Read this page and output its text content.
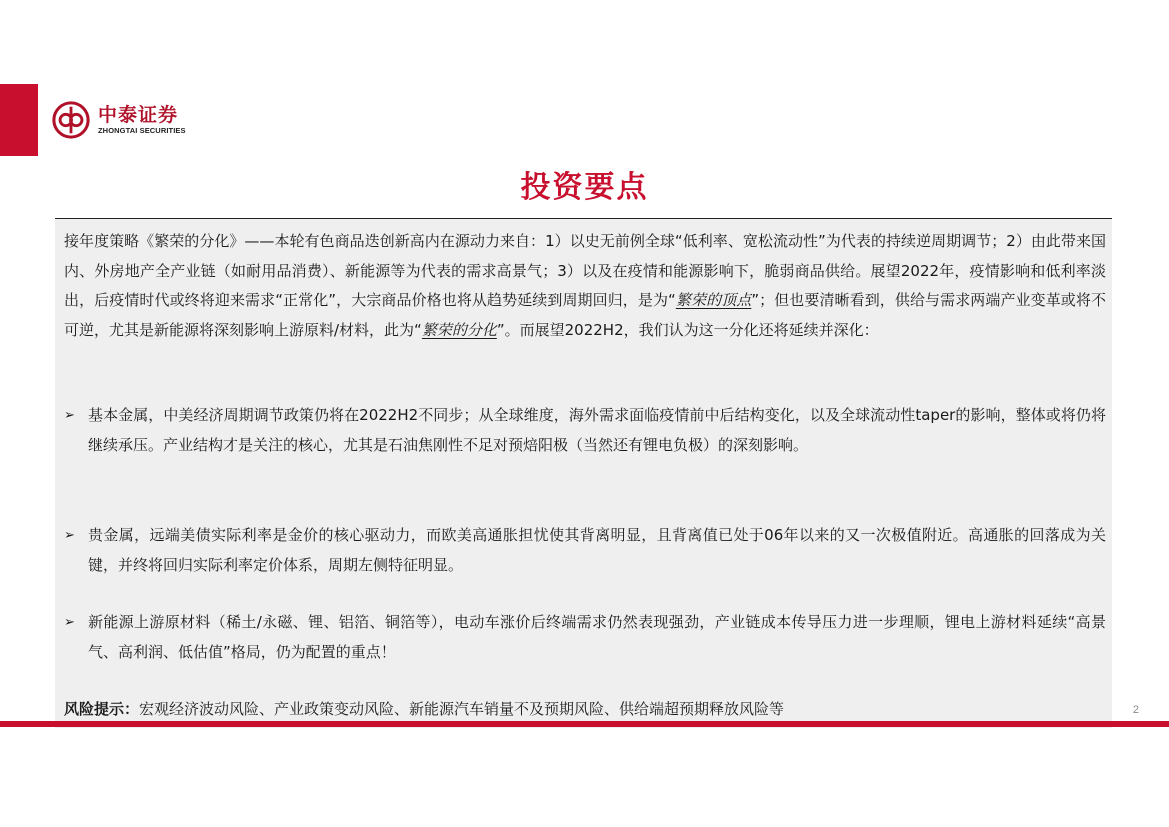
中泰证券
ZHONGTAI SECURITIES
投资要点

接年度策略《繁荣的分化》——本轮有色商品迭创新高内在源动力来自：1）以史无前例全球“低利率、宽松流动性”为代表的持续逆周期调节；2）由此带来国内、外房地产全产业链（如耐用品消费）、新能源等为代表的需求高景气；3）以及在疫情和能源影响下，脆弱商品供给。展望2022年，疫情影响和低利率淡出，后疫情时代或终将迎来需求“正常化”，大宗商品价格也将从趋势延续到周期回归，是为“繁荣的顶点”；但也要清晰看到，供给与需求两端产业变革或将不可逆，尤其是新能源将深刻影响上游原料/材料，此为“繁荣的分化”。而展望2022H2，我们认为这一分化还将延续并深化：

➢ 基本金属，中美经济周期调节政策仍将在2022H2不同步；从全球维度，海外需求面临疫情前中后结构变化，以及全球流动性taper的影响，整体或将仍将继续承压。产业结构才是关注的核心，尤其是石油焦刚性不足对预焙阳极（当然还有锂电负极）的深刻影响。
➢ 贵金属，远端美债实际利率是金价的核心驱动力，而欧美高通胀担忧使其背离明显，且背离值已处于06年以来的又一次极值附近。高通胀的回落成为关键，并终将回归实际利率定价体系，周期左侧特征明显。
➢ 新能源上游原材料（稀土/永磁、锂、铝箔、铜箔等），电动车涨价后终端需求仍然表现强劲，产业链成本传导压力进一步理顺，锂电上游材料延续“高景气、高利润、低估值”格局，仍为配置的重点！

风险提示：宏观经济波动风险、产业政策变动风险、新能源汽车销量不及预期风险、供给端超预期释放风险等	2
